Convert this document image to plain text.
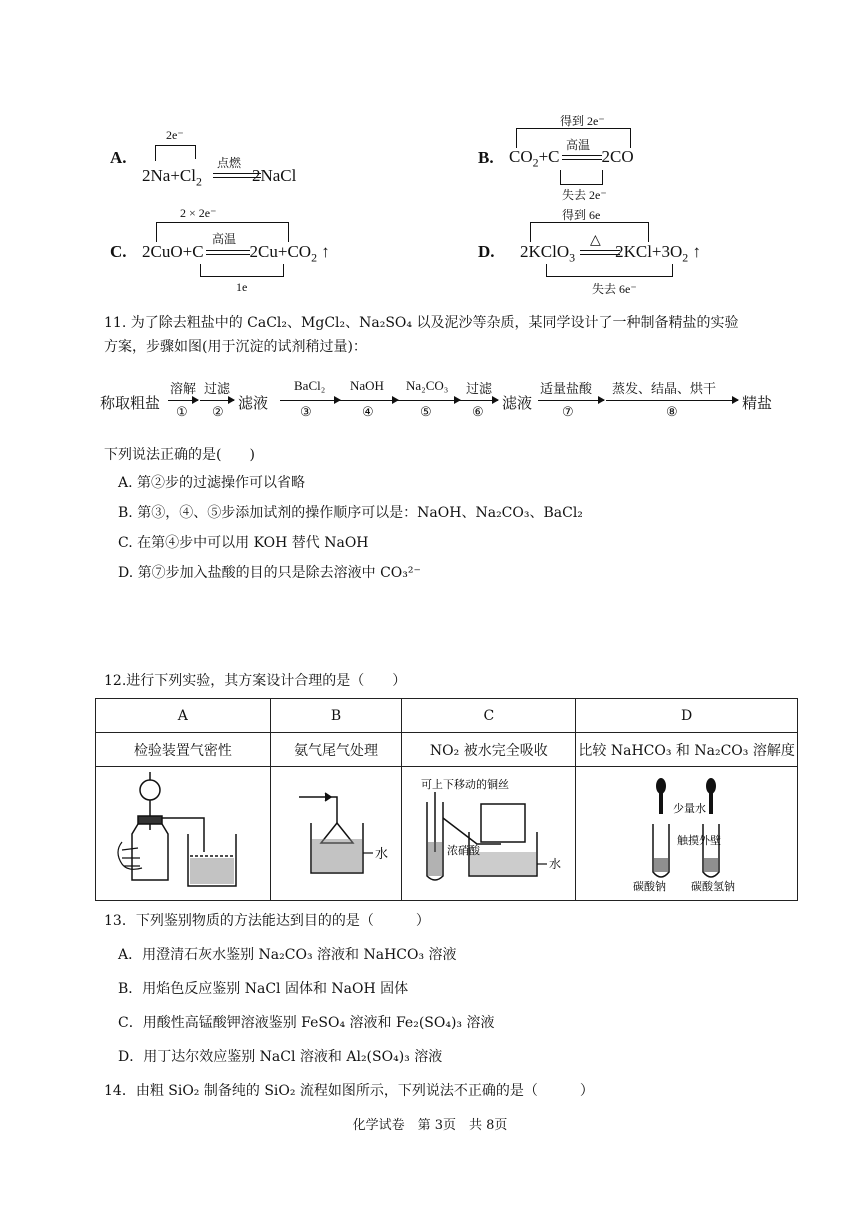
A.
2e⁻
点燃
$2Na+Cl_2$	2NaCl
B.
得到 2e⁻
高温
$CO_2+C$ 2CO
失去 2e⁻
C.
2 × 2e⁻
高温
2CuO+C	$2Cu+CO_2$ ↑
1e
D.
得到 6e
△
2KClO$_3$ $2KCl+3O_2$ ↑
失去 6e⁻
11. 为了除去粗盐中的 CaCl₂、MgCl₂、Na₂SO₄ 以及泥沙等杂质，某同学设计了一种制备精盐的实验
方案，步骤如图(用于沉淀的试剂稍过量)：
称取粗盐
溶解
①
过滤
② 滤液
BaCl₂
③
NaOH
④
Na₂CO₃
⑤
过滤
⑥ 滤液
适量盐酸
⑦
蒸发、结晶、烘干
⑧	精盐
下列说法正确的是(　　)
A. 第②步的过滤操作可以省略
B. 第③，④、⑤步添加试剂的操作顺序可以是：NaOH、Na₂CO₃、BaCl₂
C. 在第④步中可以用 KOH 替代 NaOH
D. 第⑦步加入盐酸的目的只是除去溶液中 CO₃²⁻
12.进行下列实验，其方案设计合理的是（　　）
A	B	C	D
检验装置气密性	氨气尾气处理	NO₂ 被水完全吸收	比较 NaHCO₃ 和 Na₂CO₃ 溶解度

水	可上下移动的铜丝
浓硝酸
水	少量水
触摸外壁
碳酸钠 碳酸氢钠
13．下列鉴别物质的方法能达到目的的是（　　　）
A．用澄清石灰水鉴别 Na₂CO₃ 溶液和 NaHCO₃ 溶液
B．用焰色反应鉴别 NaCl 固体和 NaOH 固体
C．用酸性高锰酸钾溶液鉴别 FeSO₄ 溶液和 Fe₂(SO₄)₃ 溶液
D．用丁达尔效应鉴别 NaCl 溶液和 Al₂(SO₄)₃ 溶液
14．由粗 SiO₂ 制备纯的 SiO₂ 流程如图所示，下列说法不正确的是（　　　）
化学试卷　第 3页　共 8页
